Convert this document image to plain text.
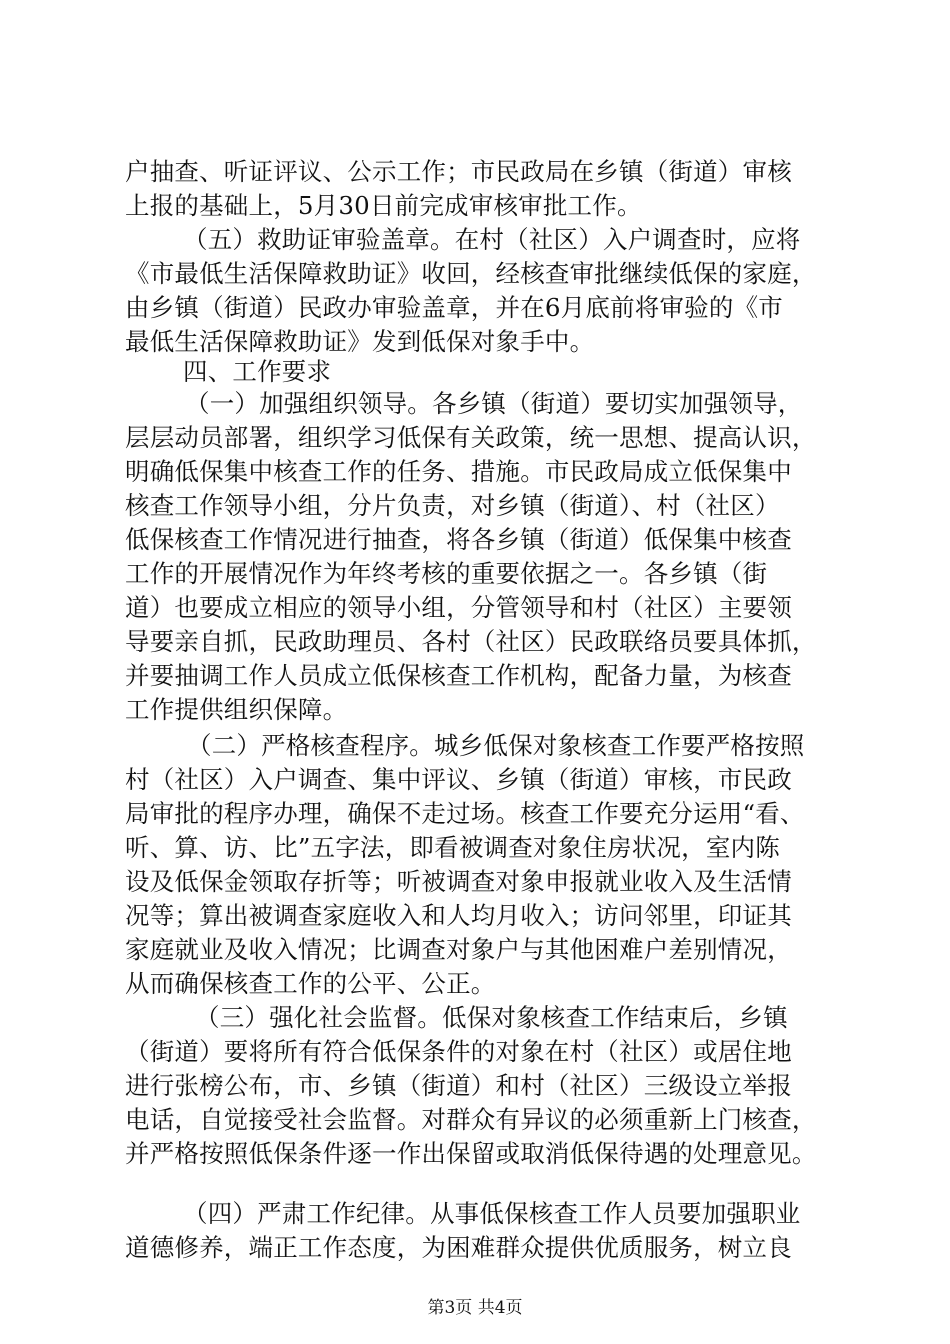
户抽查、听证评议、公示工作；市民政局在乡镇（街道）审核
上报的基础上，5月30日前完成审核审批工作。
（五）救助证审验盖章。在村（社区）入户调查时，应将
《市最低生活保障救助证》收回，经核查审批继续低保的家庭，
由乡镇（街道）民政办审验盖章，并在6月底前将审验的《市
最低生活保障救助证》发到低保对象手中。
四、工作要求
（一）加强组织领导。各乡镇（街道）要切实加强领导，
层层动员部署，组织学习低保有关政策，统一思想、提高认识，
明确低保集中核查工作的任务、措施。市民政局成立低保集中
核查工作领导小组，分片负责，对乡镇（街道）、村（社区）
低保核查工作情况进行抽查，将各乡镇（街道）低保集中核查
工作的开展情况作为年终考核的重要依据之一。各乡镇（街
道）也要成立相应的领导小组，分管领导和村（社区）主要领
导要亲自抓，民政助理员、各村（社区）民政联络员要具体抓，
并要抽调工作人员成立低保核查工作机构，配备力量，为核查
工作提供组织保障。
（二）严格核查程序。城乡低保对象核查工作要严格按照
村（社区）入户调查、集中评议、乡镇（街道）审核，市民政
局审批的程序办理，确保不走过场。核查工作要充分运用“看、
听、算、访、比”五字法，即看被调查对象住房状况，室内陈
设及低保金领取存折等；听被调查对象申报就业收入及生活情
况等；算出被调查家庭收入和人均月收入；访问邻里，印证其
家庭就业及收入情况；比调查对象户与其他困难户差别情况，
从而确保核查工作的公平、公正。
（三）强化社会监督。低保对象核查工作结束后，乡镇
（街道）要将所有符合低保条件的对象在村（社区）或居住地
进行张榜公布，市、乡镇（街道）和村（社区）三级设立举报
电话，自觉接受社会监督。对群众有异议的必须重新上门核查，
并严格按照低保条件逐一作出保留或取消低保待遇的处理意见。
（四）严肃工作纪律。从事低保核查工作人员要加强职业
道德修养，端正工作态度，为困难群众提供优质服务，树立良
第3页 共4页
